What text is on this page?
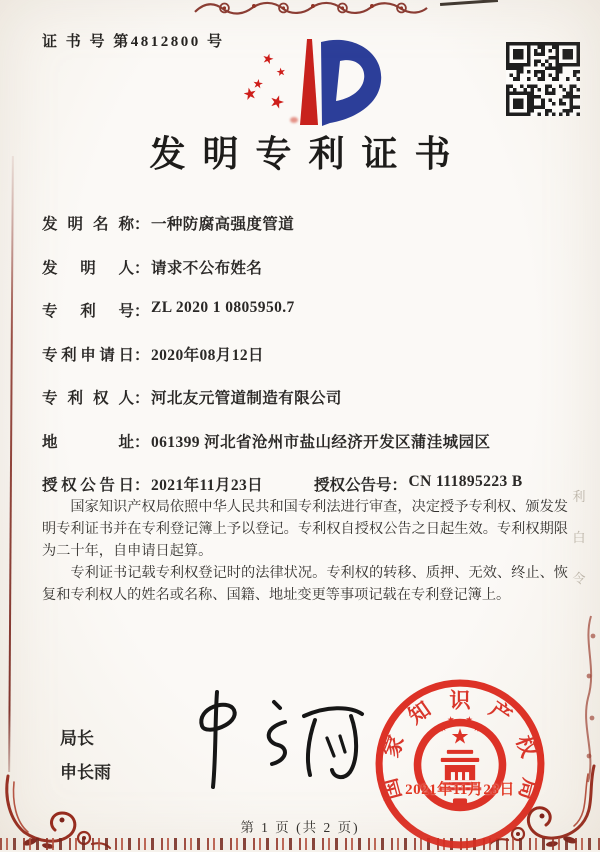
利
白
令
证 书 号 第4812800 号
发明专利证书
发明名称 ： 一种防腐高强度管道
发明人 ： 请求不公布姓名
专利号 ： ZL 2020 1 0805950.7
专利申请日 ： 2020年08月12日
专利权人 ： 河北友元管道制造有限公司
地址 ： 061399 河北省沧州市盐山经济开发区蒲洼城园区
授权公告日 ： 2021年11月23日	授权公告号 ： CN 111895223 B

国家知识产权局依照中华人民共和国专利法进行审查，决定授予专利权、颁发发明专利证书并在专利登记簿上予以登记。专利权自授权公告之日起生效。专利权期限为二十年，自申请日起算。

专利证书记载专利权登记时的法律状况。专利权的转移、质押、无效、终止、恢复和专利权人的姓名或名称、国籍、地址变更等事项记载在专利登记簿上。

局长
申长雨
国
家
知 识 产
权
局
2021年11月23日
第 1 页 (共 2 页)
